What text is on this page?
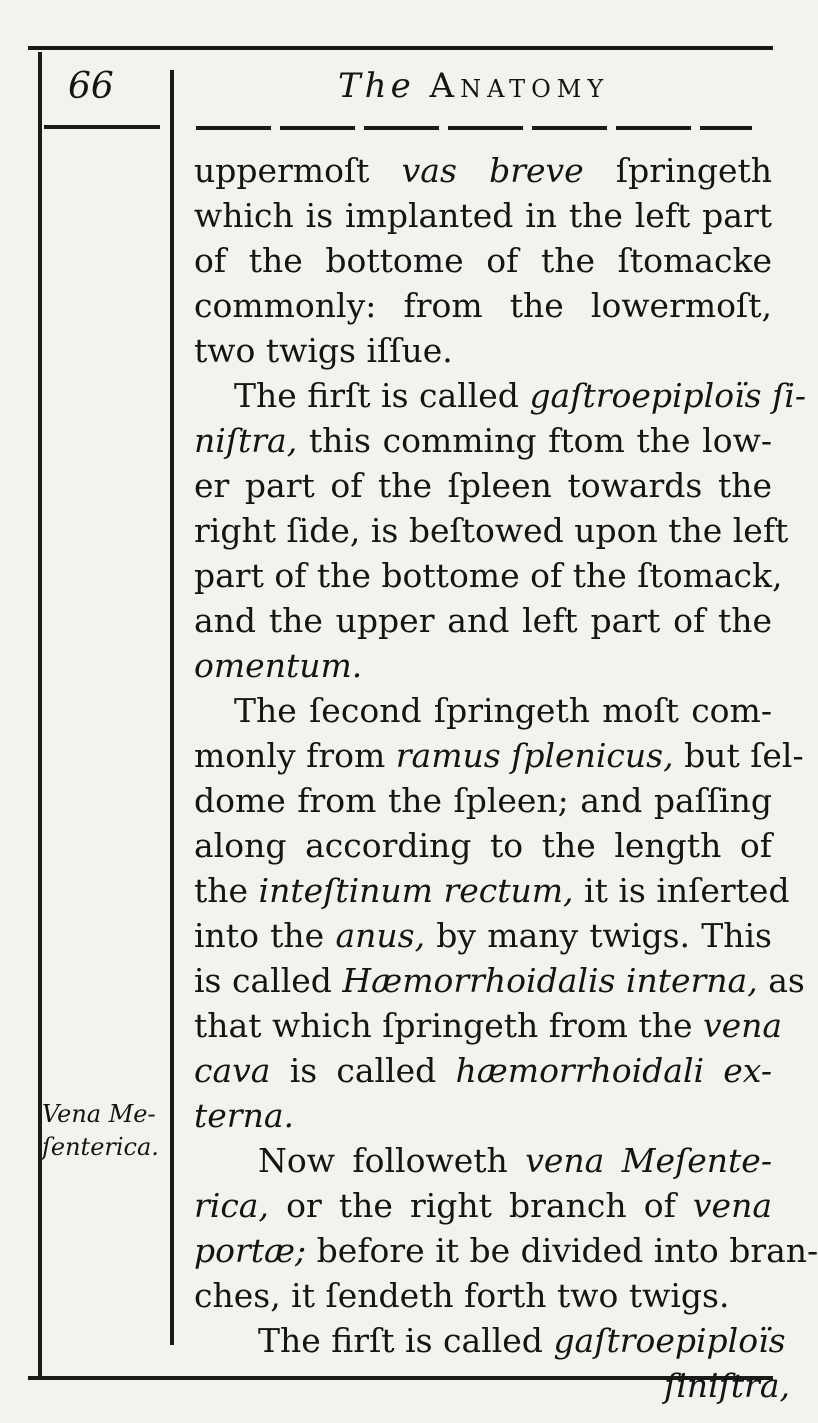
66	The Anatomy
Vena Me-
ſenterica.
uppermoſt vas breve ſpringeth
which is implanted in the left part
of the bottome of the ſtomacke
commonly: from the lowermoſt,
two twigs iſſue.
The firſt is called gaſtroepiploïs ſi-
niſtra, this comming ftom the low-
er part of the ſpleen towards the
right ſide, is beſtowed upon the left
part of the bottome of the ſtomack,
and the upper and left part of the
omentum.
The ſecond ſpringeth moſt com-
monly from ramus ſplenicus, but ſel-
dome from the ſpleen; and paſſing
along according to the length of
the inteſtinum rectum, it is inſerted
into the anus, by many twigs. This
is called Hæmorrhoidalis interna, as
that which ſpringeth from the vena
cava is called hæmorrhoidali ex-
terna.
Now followeth vena Meſente-
rica, or the right branch of vena
portæ; before it be divided into bran-
ches, it ſendeth forth two twigs.
The firſt is called gaſtroepiploïs
ſiniſtra,
